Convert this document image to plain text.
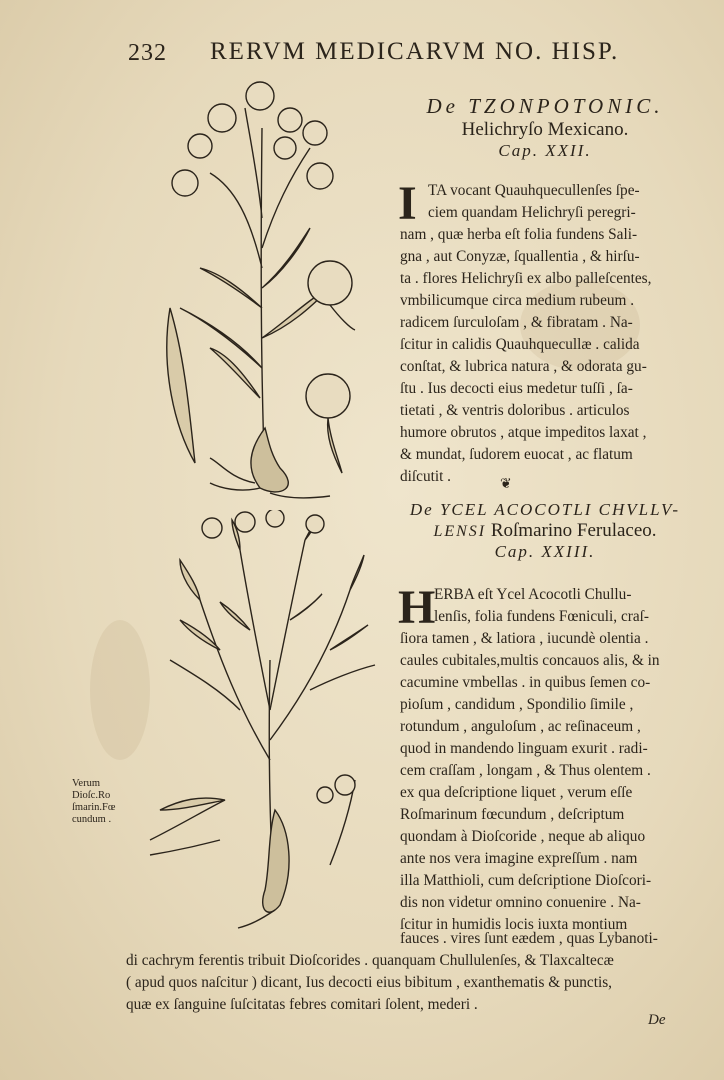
232 RERVM MEDICARVM NO. HISP.
Verum
Dioſc.Ro
ſmarin.Fœ
cundum .
De TZONPOTONIC.
Helichryſo Mexicano.
Cap. XXII.
I TA vocant Quauhquecullenſes ſpe-
ciem quandam Helichryſi peregri-
nam , quæ herba eſt folia fundens Sali-
gna , aut Conyzæ, ſquallentia , & hirſu-
ta . flores Helichryſi ex albo palleſcentes,
vmbilicumque circa medium rubeum .
radicem ſurculoſam , & fibratam . Na-
ſcitur in calidis Quauhquecullæ . calida
conſtat, & lubrica natura , & odorata gu-
ſtu . Ius decocti eius medetur tuſſi , ſa-
tietati , & ventris doloribus . articulos
humore obrutos , atque impeditos laxat ,
& mundat, ſudorem euocat , ac flatum
diſcutit .	❦
De YCEL ACOCOTLI CHVLLV-
LENSI Roſmarino Ferulaceo.
Cap. XXIII.
H
ERBA eſt Ycel Acocotli Chullu-
lenſis, folia fundens Fœniculi, craſ-
ſiora tamen , & latiora , iucundè olentia .
caules cubitales,multis concauos alis, & in
cacumine vmbellas . in quibus ſemen co-
pioſum , candidum , Spondilio ſimile ,
rotundum , anguloſum , ac reſinaceum ,
quod in mandendo linguam exurit . radi-
cem craſſam , longam , & Thus olentem .
ex qua deſcriptione liquet , verum eſſe
Roſmarinum fœcundum , deſcriptum
quondam à Dioſcoride , neque ab aliquo
ante nos vera imagine expreſſum . nam
illa Matthioli, cum deſcriptione Dioſcori-
dis non videtur omnino conuenire . Na-
ſcitur in humidis locis iuxta montium
fauces . vires ſunt eædem , quas Lybanoti-
di cachrym ferentis tribuit Dioſcorides . quanquam Chullulenſes, & Tlaxcaltecæ
( apud quos naſcitur ) dicant, Ius decocti eius bibitum , exanthematis & punctis,
quæ ex ſanguine ſuſcitatas febres comitari ſolent, mederi .
De
